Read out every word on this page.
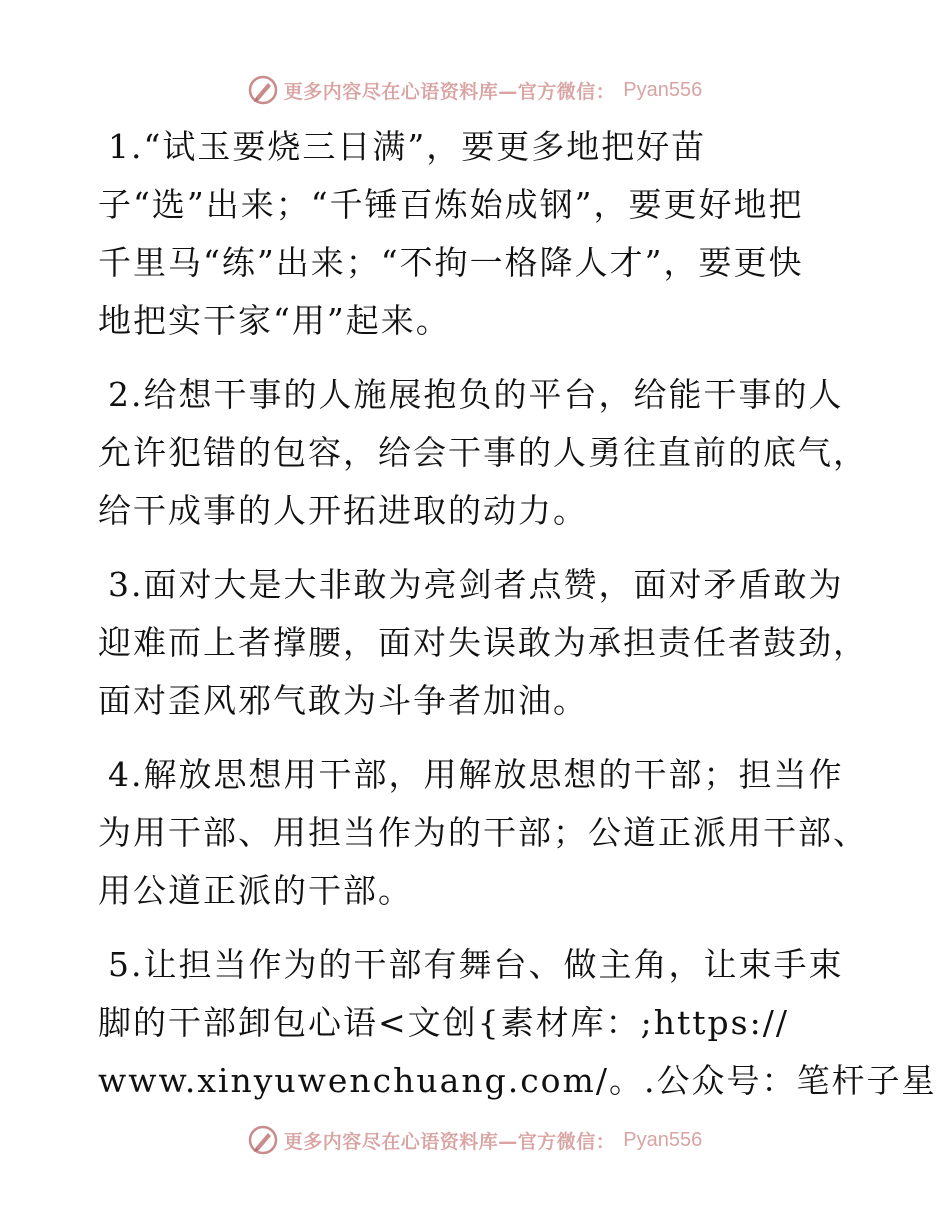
更多内容尽在心语资料库—官方微信： Pyan556
1.“试玉要烧三日满”，要更多地把好苗
子“选”出来；“千锤百炼始成钢”，要更好地把
千里马“练”出来；“不拘一格降人才”，要更快
地把实干家“用”起来。
2.给想干事的人施展抱负的平台，给能干事的人
允许犯错的包容，给会干事的人勇往直前的底气，
给干成事的人开拓进取的动力。
3.面对大是大非敢为亮剑者点赞，面对矛盾敢为
迎难而上者撑腰，面对失误敢为承担责任者鼓劲，
面对歪风邪气敢为斗争者加油。
4.解放思想用干部，用解放思想的干部；担当作
为用干部、用担当作为的干部；公道正派用干部、
用公道正派的干部。
5.让担当作为的干部有舞台、做主角，让束手束
脚的干部卸包心语<文创{素材库：;https://
www.xinyuwenchuang.com/。.公众号：笔杆子星
更多内容尽在心语资料库—官方微信： Pyan556
